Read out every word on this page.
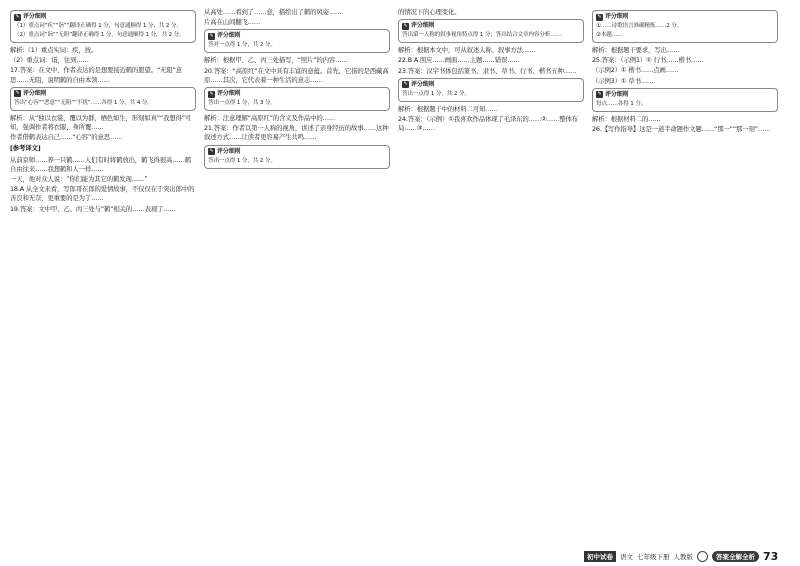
✎ 评分细则

（1）重点词“疾”“诣”“翻译正确得 1 分，句意通顺得 1 分，共 2 分。

（2）重点词“诣”“无阻”翻译正确得 1 分，句意通顺得 1 分，共 2 分。

解析:（1）重点实词：疾，按。

（2）重点词：诣，往到……

17.答案：在文中，作者表达的是想要接近鹤的愿望。“无阻”意思……无阻，说明鹤的自由本领……

✎ 评分细则

答出“心容”“恶意”“无阻”“不扰”……各得 1 分，共 4 分。

解析：从“独以衣裳、覆以为群，栖色如生，形刻如真”“我想得”可知，强调作者将衣服、身所覆……

作者借鹤表达自己……“心容”的意思……

[参考译文]

从前京师……养一只鹤……人们有时将鹤放出，鹤飞得很高……鹤自由往来……我想鹤和人一样……

一天，他对众人说：“你们能为其它的鹤发现……”

18.A 从全文来看，写郎哥在郎的爱情故事，不仅仅在于突出郎中的善良和无奈，更重要的是为了……

19.答案：文中甲、乙、丙三处与“鹤”相关的……表现了……

从高处……看到了……意，描绘出了鹤的风姿……

片高在山间翻飞……

✎ 评分细则

答对一点得 1 分，共 2 分。

解析：根据甲、乙、丙三处描写，“照片”的内容……

20.答案：“高原红”在文中具有丰富的意蕴。首先，它指的是西藏高原……其次，它代表着一种生活的意志……

✎ 评分细则

答出一点得 1 分，共 3 分。

解析：注意理解“高原红”的含义及作品中的……

21.答案：作者以第一人称的视角，讲述了亲身经历的故事……这种叙述方式……让读者更容易产生共鸣……

✎ 评分细则

答出一点得 1 分，共 2 分。

的情况下的心理变化。

✎ 评分细则

答出第一人称的叙事视角特点得 1 分；答出结合文章内容分析……

解析：根据本文中，可从叙述人称、叙事方法……

22.B A.照应……画面……主题……错误……

23.答案：汉字书体包括篆书、隶书、草书、行书、楷书五种……

✎ 评分细则

答出一点得 1 分，共 2 分。

解析：根据题干中的材料二可知……

24.答案：（示例）①我喜欢作品体现了毛泽东的……②……整体布局……③……

✎ 评分细则

①……诗歌语言准确精炼……2 分。

②本题……

解析：根据题干要求，写出……

25.答案：（示例1）① 行书……楷书……

（示例2）① 楷书……点画……

（示例3）① 草书……

✎ 评分细则

每点……各得 1 分。

解析：根据材料二的……

26.【写作指导】这是一道半命题作文题……“那一”“那一刻”……

初中试卷	语文 七年级下册 人教版	答案全解全析 73
